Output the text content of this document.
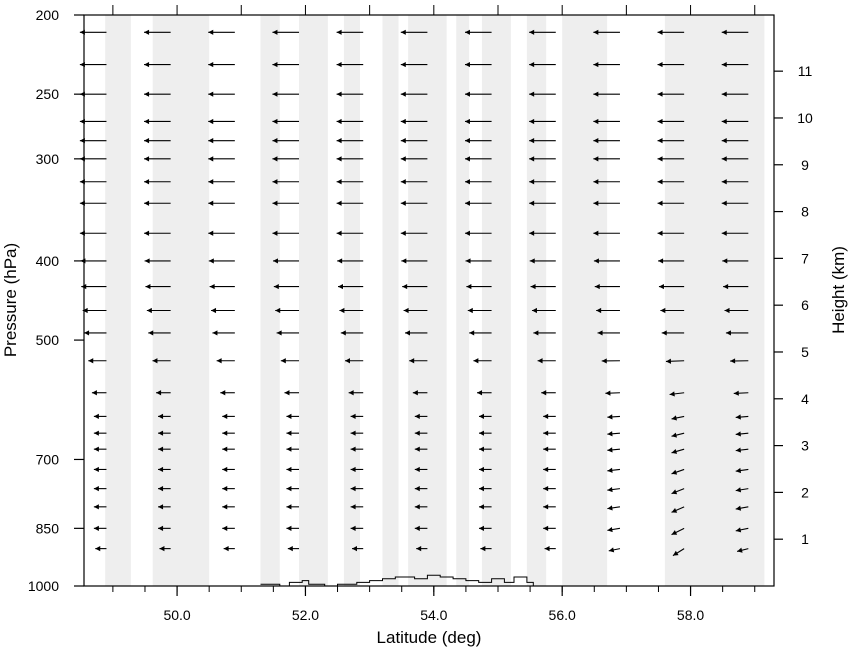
50.0	52.0	54.0	56.0	58.0
200
250
300
400
500
700
850
1000
1
2
3
4
5
6
7
8
9
10
11
Latitude (deg)
Pressure (hPa)	Height (km)
